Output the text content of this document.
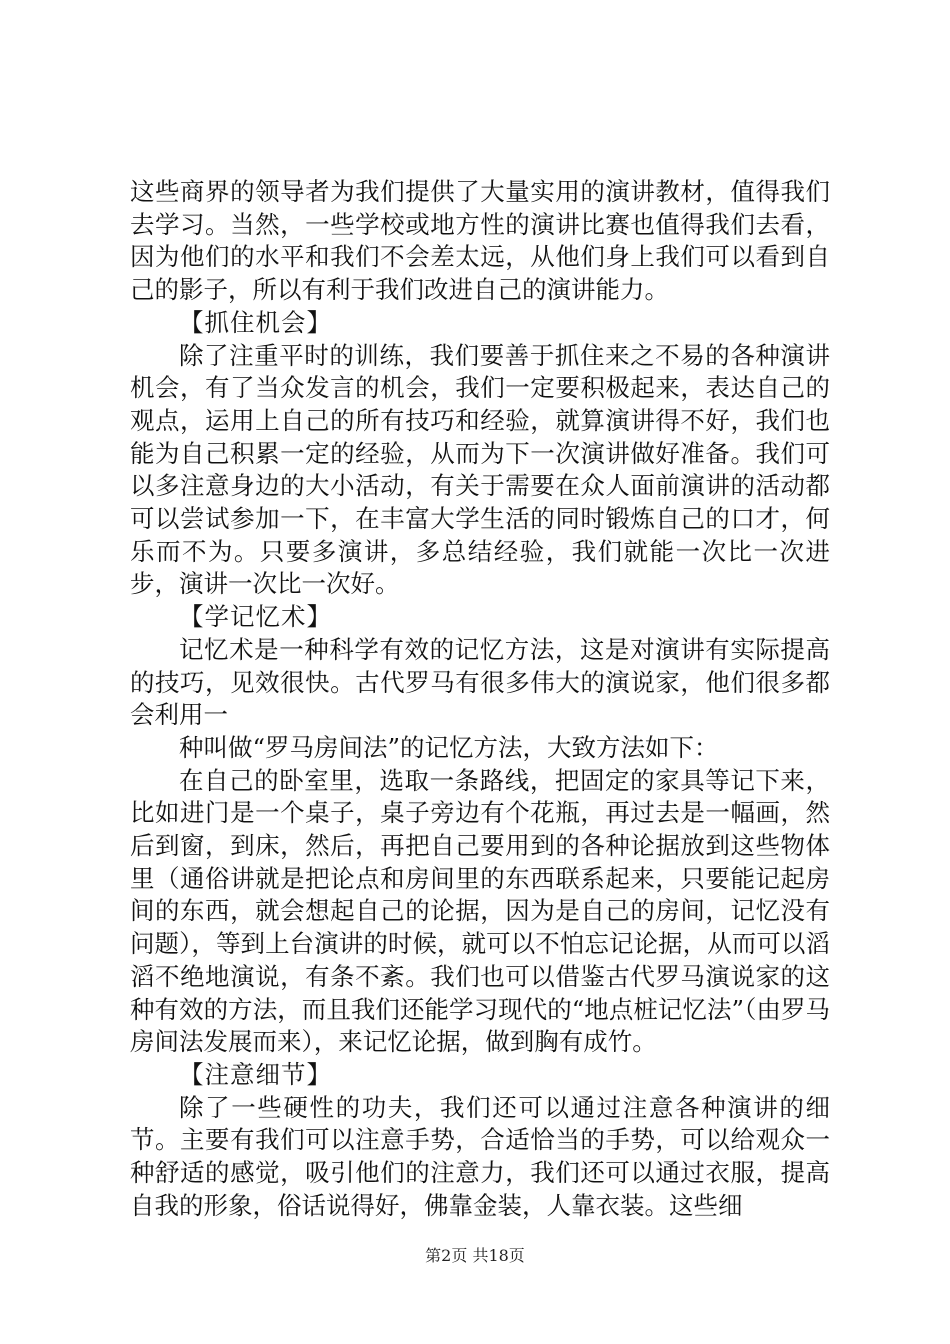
这些商界的领导者为我们提供了大量实用的演讲教材，值得我们去学习。当然，一些学校或地方性的演讲比赛也值得我们去看，因为他们的水平和我们不会差太远，从他们身上我们可以看到自己的影子，所以有利于我们改进自己的演讲能力。

【抓住机会】

除了注重平时的训练，我们要善于抓住来之不易的各种演讲机会，有了当众发言的机会，我们一定要积极起来，表达自己的观点，运用上自己的所有技巧和经验，就算演讲得不好，我们也能为自己积累一定的经验，从而为下一次演讲做好准备。我们可以多注意身边的大小活动，有关于需要在众人面前演讲的活动都可以尝试参加一下，在丰富大学生活的同时锻炼自己的口才，何乐而不为。只要多演讲，多总结经验，我们就能一次比一次进步，演讲一次比一次好。

【学记忆术】

记忆术是一种科学有效的记忆方法，这是对演讲有实际提高的技巧，见效很快。古代罗马有很多伟大的演说家，他们很多都会利用一

种叫做“罗马房间法”的记忆方法，大致方法如下：

在自己的卧室里，选取一条路线，把固定的家具等记下来，比如进门是一个桌子，桌子旁边有个花瓶，再过去是一幅画，然后到窗，到床，然后，再把自己要用到的各种论据放到这些物体里（通俗讲就是把论点和房间里的东西联系起来，只要能记起房间的东西，就会想起自己的论据，因为是自己的房间，记忆没有问题），等到上台演讲的时候，就可以不怕忘记论据，从而可以滔滔不绝地演说，有条不紊。我们也可以借鉴古代罗马演说家的这种有效的方法，而且我们还能学习现代的“地点桩记忆法”（由罗马房间法发展而来），来记忆论据，做到胸有成竹。

【注意细节】

除了一些硬性的功夫，我们还可以通过注意各种演讲的细节。主要有我们可以注意手势，合适恰当的手势，可以给观众一种舒适的感觉，吸引他们的注意力，我们还可以通过衣服，提高自我的形象，俗话说得好，佛靠金装，人靠衣装。这些细

第2页 共18页
